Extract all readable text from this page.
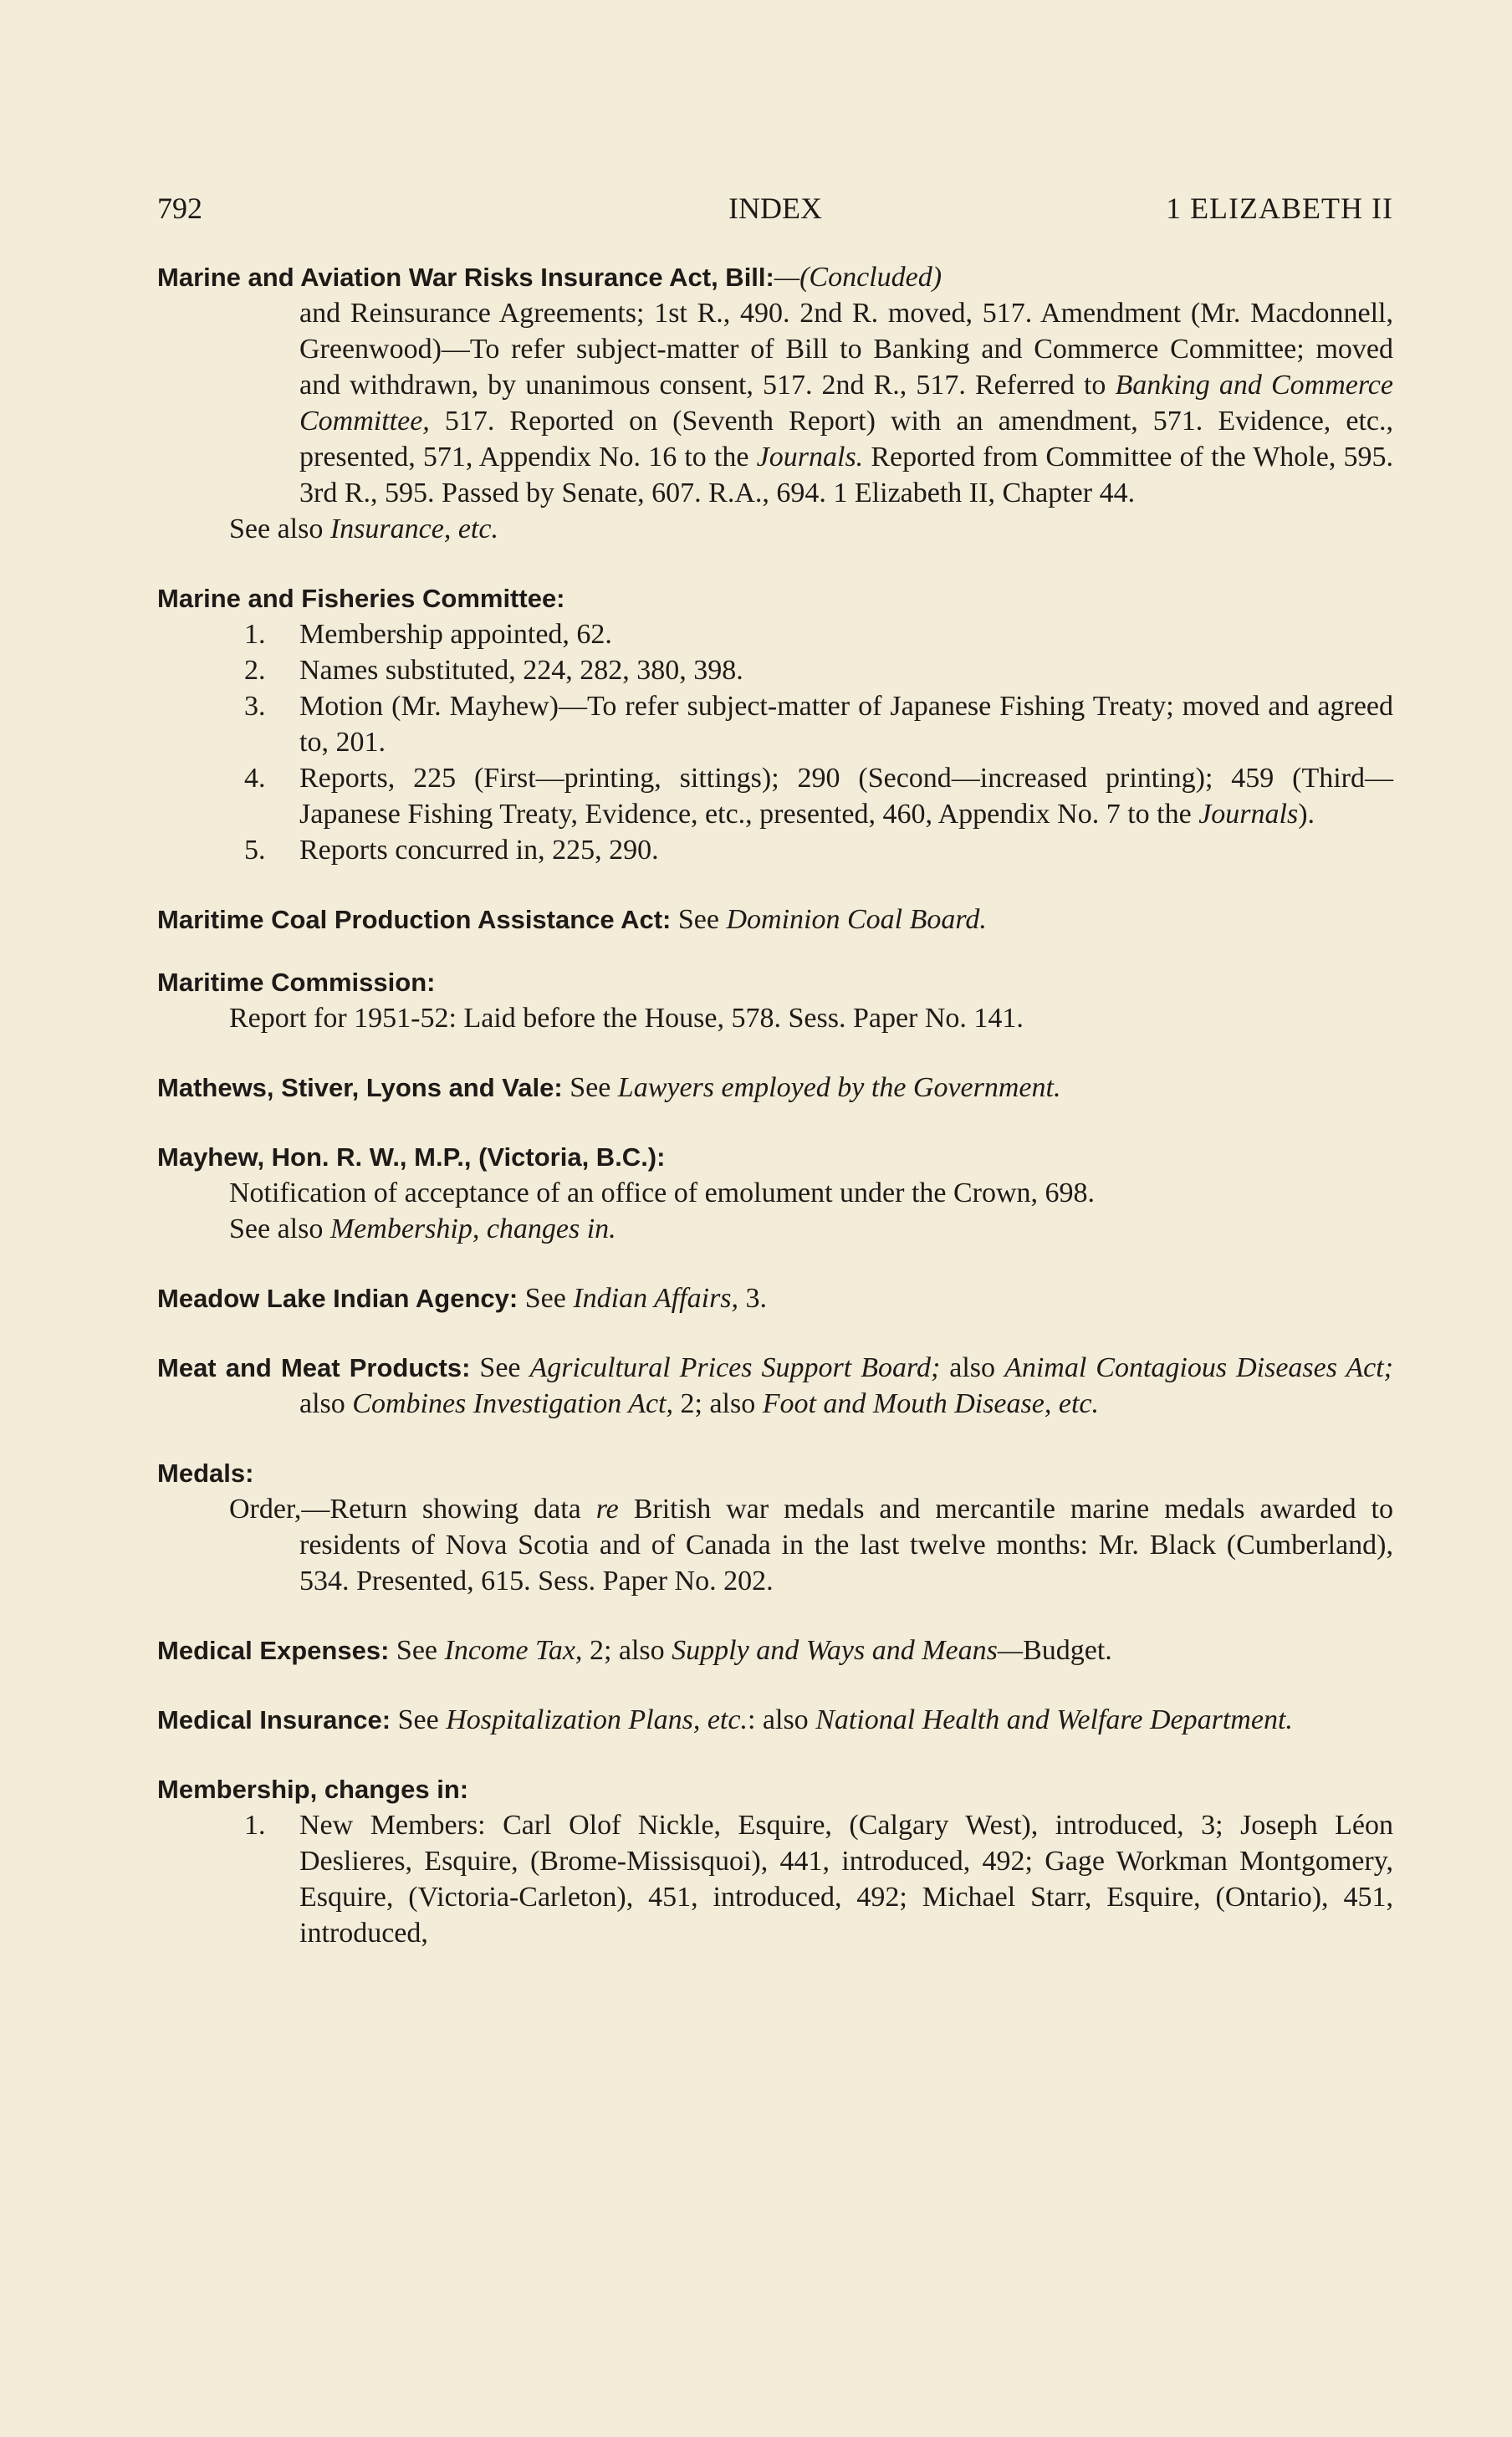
792	INDEX	1 ELIZABETH II
Marine and Aviation War Risks Insurance Act, Bill:—(Concluded)
and Reinsurance Agreements; 1st R., 490. 2nd R. moved, 517. Amendment (Mr. Macdonnell, Greenwood)—To refer subject-matter of Bill to Banking and Commerce Committee; moved and withdrawn, by unanimous consent, 517. 2nd R., 517. Referred to Banking and Commerce Committee, 517. Reported on (Seventh Report) with an amendment, 571. Evidence, etc., presented, 571, Appendix No. 16 to the Journals. Reported from Committee of the Whole, 595. 3rd R., 595. Passed by Senate, 607. R.A., 694. 1 Elizabeth II, Chapter 44.
See also Insurance, etc.
Marine and Fisheries Committee:
1.	Membership appointed, 62.
2.	Names substituted, 224, 282, 380, 398.
3.	Motion (Mr. Mayhew)—To refer subject-matter of Japanese Fishing Treaty; moved and agreed to, 201.
4.	Reports, 225 (First—printing, sittings); 290 (Second—increased printing); 459 (Third—Japanese Fishing Treaty, Evidence, etc., presented, 460, Appendix No. 7 to the Journals).
5.	Reports concurred in, 225, 290.
Maritime Coal Production Assistance Act: See Dominion Coal Board.
Maritime Commission:
Report for 1951-52: Laid before the House, 578. Sess. Paper No. 141.
Mathews, Stiver, Lyons and Vale: See Lawyers employed by the Government.
Mayhew, Hon. R. W., M.P., (Victoria, B.C.):
Notification of acceptance of an office of emolument under the Crown, 698.
See also Membership, changes in.
Meadow Lake Indian Agency: See Indian Affairs, 3.
Meat and Meat Products: See Agricultural Prices Support Board; also Animal Contagious Diseases Act; also Combines Investigation Act, 2; also Foot and Mouth Disease, etc.
Medals:
Order,—Return showing data re British war medals and mercantile marine medals awarded to residents of Nova Scotia and of Canada in the last twelve months: Mr. Black (Cumberland), 534. Presented, 615. Sess. Paper No. 202.
Medical Expenses: See Income Tax, 2; also Supply and Ways and Means—Budget.
Medical Insurance: See Hospitalization Plans, etc.: also National Health and Welfare Department.
Membership, changes in:
1.	New Members: Carl Olof Nickle, Esquire, (Calgary West), introduced, 3; Joseph Léon Deslieres, Esquire, (Brome-Missisquoi), 441, introduced, 492; Gage Workman Montgomery, Esquire, (Victoria-Carleton), 451, introduced, 492; Michael Starr, Esquire, (Ontario), 451, introduced,
